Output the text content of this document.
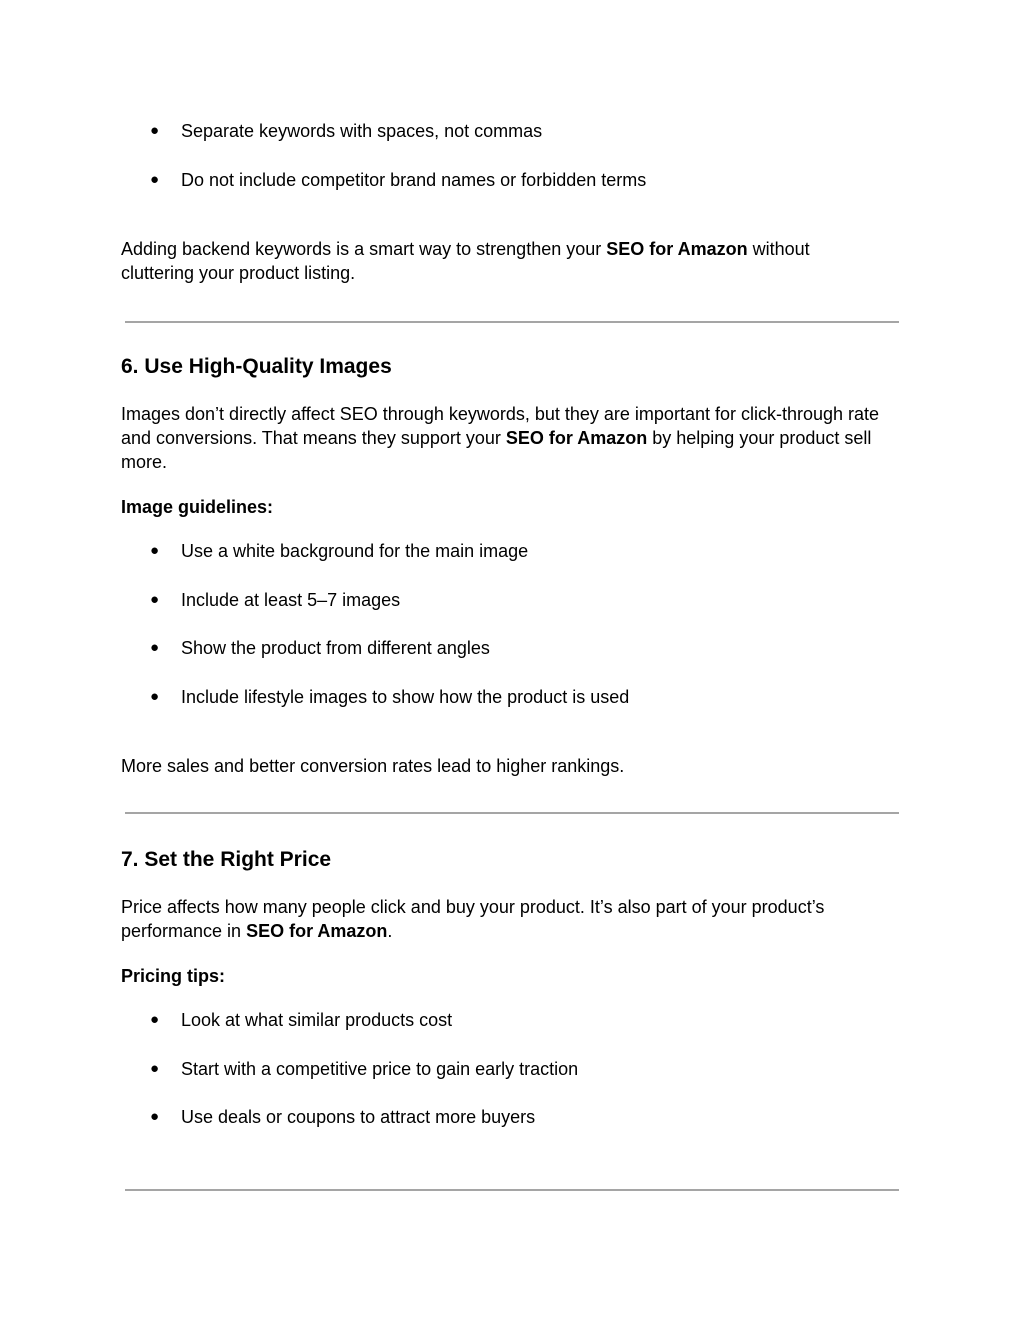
● Separate keywords with spaces, not commas
● Do not include competitor brand names or forbidden terms
Adding backend keywords is a smart way to strengthen your SEO for Amazon without
cluttering your product listing.
6. Use High-Quality Images
Images don’t directly affect SEO through keywords, but they are important for click-through rate
and conversions. That means they support your SEO for Amazon by helping your product sell
more.
Image guidelines:
● Use a white background for the main image
● Include at least 5–7 images
● Show the product from different angles
● Include lifestyle images to show how the product is used
More sales and better conversion rates lead to higher rankings.
7. Set the Right Price
Price affects how many people click and buy your product. It’s also part of your product’s
performance in SEO for Amazon.
Pricing tips:
● Look at what similar products cost
● Start with a competitive price to gain early traction
● Use deals or coupons to attract more buyers
